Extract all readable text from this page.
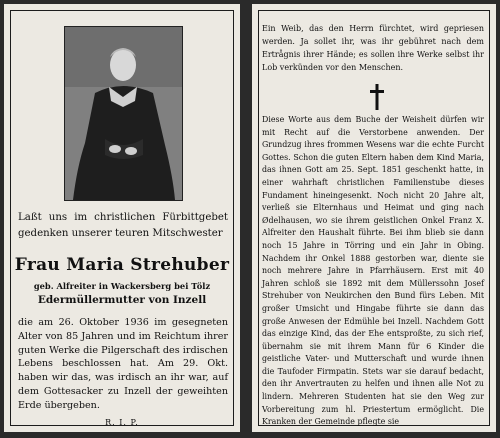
Laßt uns im christlichen Fürbittgebet gedenken unserer teuren Mitschwester
Frau Maria Strehuber
geb. Alfreiter in Wackersberg bei Tölz
Edermüllermutter von Inzell
die am 26. Oktober 1936 im gesegneten Alter von 85 Jahren und im Reichtum ihrer guten Werke die Pilgerschaft des irdischen Lebens beschlossen hat. Am 29. Okt. haben wir das, was irdisch an ihr war, auf dem Gottesacker zu Inzell der geweihten Erde übergeben.
R. I. P.
Ein Weib, das den Herrn fürchtet, wird gepriesen werden. Ja sollet ihr, was ihr gebühret nach dem Ertrågnis ihrer Hände; es sollen ihre Werke selbst ihr Lob verkünden vor den Menschen.
Diese Worte aus dem Buche der Weisheit dürfen wir mit Recht auf die Verstorbene anwenden. Der Grundzug ihres frommen Wesens war die echte Furcht Gottes. Schon die guten Eltern haben dem Kind Maria, das ihnen Gott am 25. Sept. 1851 geschenkt hatte, in einer wahrhaft christlichen Familienstube dieses Fundament hineingesenkt. Noch nicht 20 Jahre alt, verließ sie Elternhaus und Heimat und ging nach Ødelhausen, wo sie ihrem geistlichen Onkel Franz X. Alfreiter den Haushalt führte. Bei ihm blieb sie dann noch 15 Jahre in Törring und ein Jahr in Obing. Nachdem ihr Onkel 1888 gestorben war, diente sie noch mehrere Jahre in Pfarrhäusern. Erst mit 40 Jahren schloß sie 1892 mit dem Müllerssohn Josef Strehuber von Neukirchen den Bund fürs Leben. Mit großer Umsicht und Hingabe führte sie dann das große Anwesen der Edmühle bei Inzell. Nachdem Gott das einzige Kind, das der Ehe entsproßte, zu sich rief, übernahm sie mit ihrem Mann für 6 Kinder die geistliche Vater- und Mutterschaft und wurde ihnen die Taufoder Firmpatin. Stets war sie darauf bedacht, den ihr Anvertrauten zu helfen und ihnen alle Not zu lindern. Mehreren Studenten hat sie den Weg zur Vorbereitung zum hl. Priestertum ermöglicht. Die Kranken der Gemeinde pflegte sie
